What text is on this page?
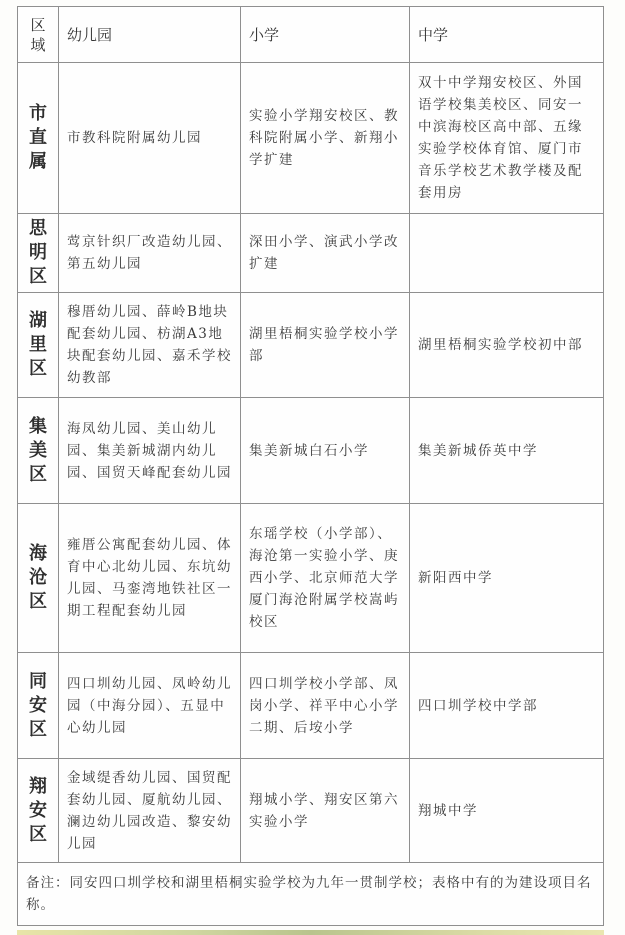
区
域	幼儿园	小学	中学

市
直
属	市教科院附属幼儿园	实验小学翔安校区、教科院附属小学、新翔小学扩建	双十中学翔安校区、外国语学校集美校区、同安一中滨海校区高中部、五缘实验学校体育馆、厦门市音乐学校艺术教学楼及配套用房

思
明
区	莺京针织厂改造幼儿园、第五幼儿园	深田小学、演武小学改扩建	

湖
里
区	穆厝幼儿园、薛岭B地块配套幼儿园、枋湖A3地块配套幼儿园、嘉禾学校幼教部	湖里梧桐实验学校小学部	湖里梧桐实验学校初中部

集
美
区	海凤幼儿园、美山幼儿园、集美新城湖内幼儿园、国贸天峰配套幼儿园	集美新城白石小学	集美新城侨英中学

海
沧
区	雍厝公寓配套幼儿园、体育中心北幼儿园、东坑幼儿园、马銮湾地铁社区一期工程配套幼儿园	东瑶学校（小学部）、海沧第一实验小学、庚西小学、北京师范大学厦门海沧附属学校嵩屿校区	新阳西中学

同
安
区	四口圳幼儿园、凤岭幼儿园（中海分园）、五显中心幼儿园	四口圳学校小学部、凤岗小学、祥平中心小学二期、后垵小学	四口圳学校中学部

翔
安
区	金域缇香幼儿园、国贸配套幼儿园、厦航幼儿园、澜边幼儿园改造、黎安幼儿园	翔城小学、翔安区第六实验小学	翔城中学
备注：同安四口圳学校和湖里梧桐实验学校为九年一贯制学校；表格中有的为建设项目名称。			
